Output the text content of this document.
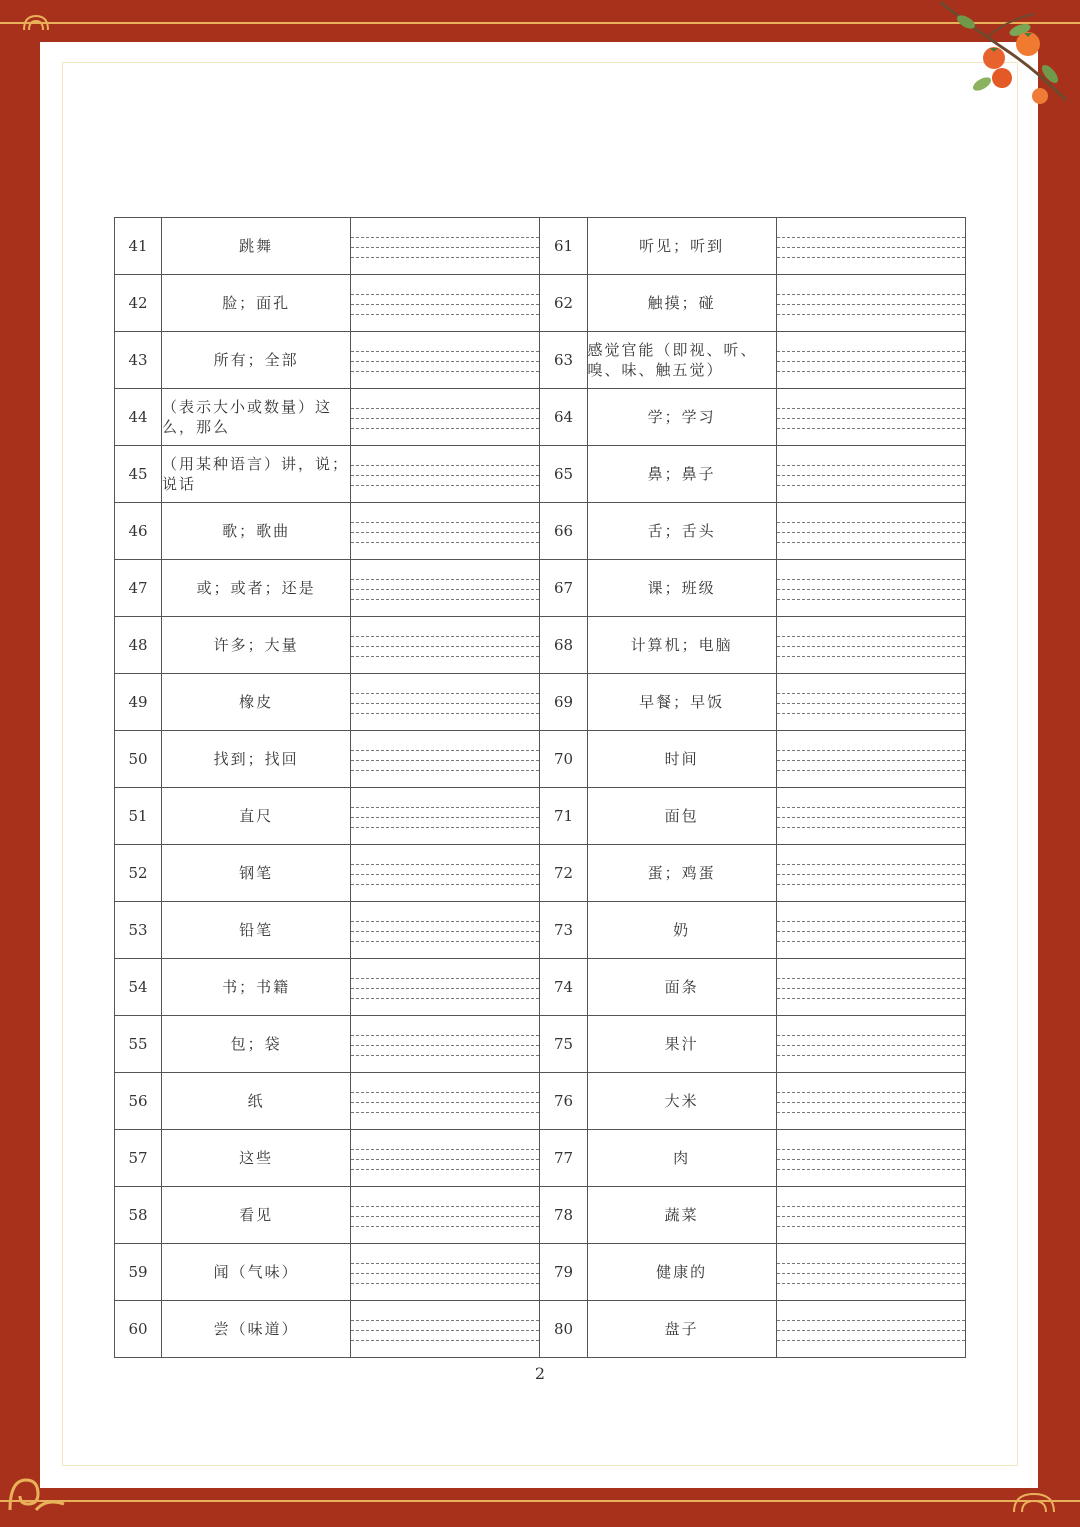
41	跳舞		61	听见；听到	

42	脸；面孔		62	触摸；碰	

43	所有；全部		63	感觉官能（即视、听、嗅、味、触五觉）	

44	（表示大小或数量）这么，那么		64	学；学习	

45	（用某种语言）讲，说；说话		65	鼻；鼻子	

46	歌；歌曲		66	舌；舌头	

47	或；或者；还是		67	课；班级	

48	许多；大量		68	计算机；电脑	

49	橡皮		69	早餐；早饭	

50	找到；找回		70	时间	

51	直尺		71	面包	

52	钢笔		72	蛋；鸡蛋	

53	铅笔		73	奶	

54	书；书籍		74	面条	

55	包；袋		75	果汁	

56	纸		76	大米	

57	这些		77	肉	

58	看见		78	蔬菜	

59	闻（气味）		79	健康的	

60	尝（味道）		80	盘子	
2
